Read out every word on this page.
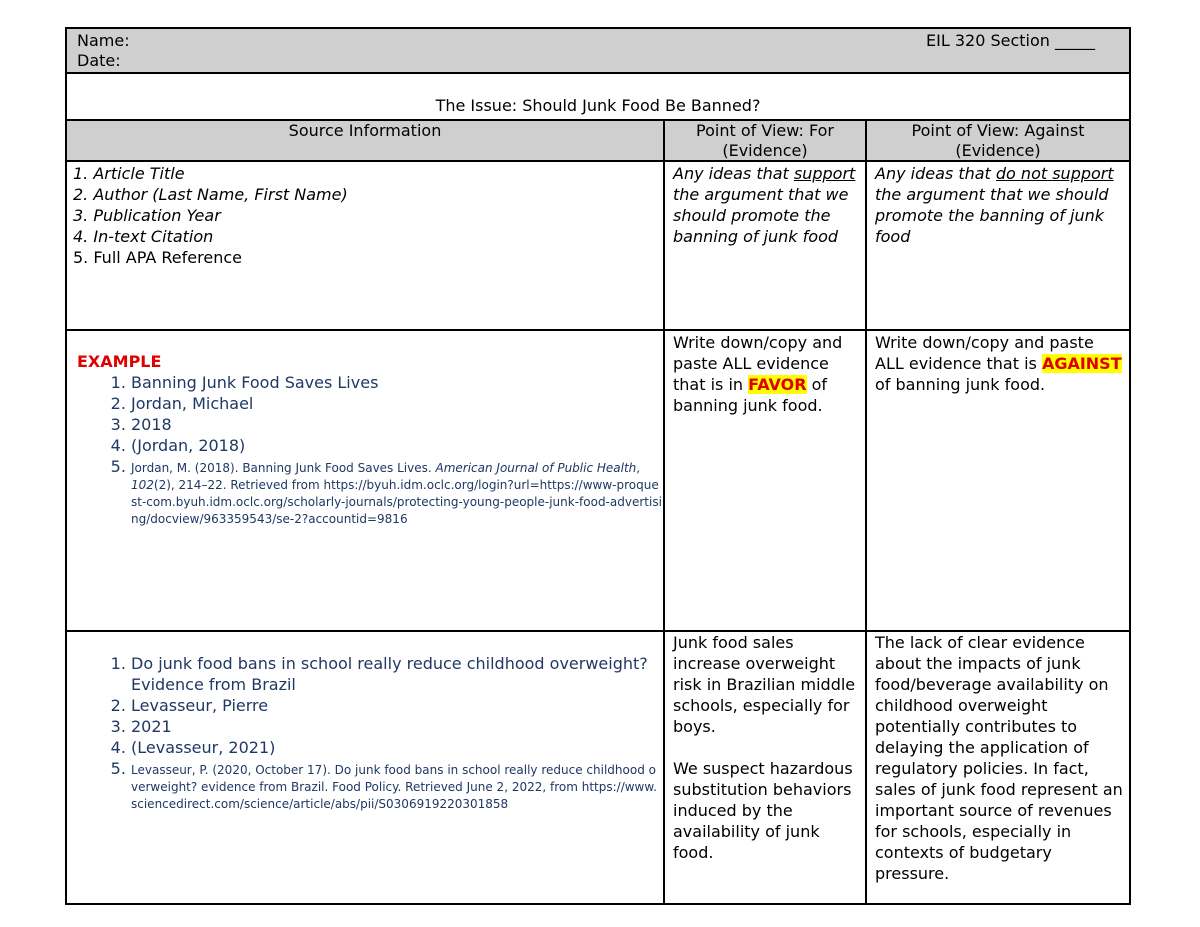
Name:
Date:
EIL 320 Section _____
The Issue: Should Junk Food Be Banned?
Source Information	Point of View: For
(Evidence)
Point of View: Against
(Evidence)
1. Article Title
2. Author (Last Name, First Name)
3. Publication Year
4. In-text Citation
5. Full APA Reference
Any ideas that support the argument that we should promote the banning of junk food
Any ideas that do not support the argument that we should promote the banning of junk food
EXAMPLE
1. Banning Junk Food Saves Lives
2. Jordan, Michael
3. 2018
4. (Jordan, 2018)
5. Jordan, M. (2018). Banning Junk Food Saves Lives. American Journal of Public Health, 102(2), 214–22. Retrieved from https://byuh.idm.oclc.org/login?url=https://www-proquest-com.byuh.idm.oclc.org/scholarly-journals/protecting-young-people-junk-food-advertising/docview/963359543/se-2?accountid=9816
Write down/copy and paste ALL evidence that is in FAVOR of banning junk food.
Write down/copy and paste ALL evidence that is AGAINST of banning junk food.
1. Do junk food bans in school really reduce childhood overweight? Evidence from Brazil
2. Levasseur, Pierre
3. 2021
4. (Levasseur, 2021)
5. Levasseur, P. (2020, October 17). Do junk food bans in school really reduce childhood overweight? evidence from Brazil. Food Policy. Retrieved June 2, 2022, from https://www.sciencedirect.com/science/article/abs/pii/S0306919220301858
Junk food sales increase overweight risk in Brazilian middle schools, especially for boys.
We suspect hazardous substitution behaviors induced by the availability of junk food.
The lack of clear evidence about the impacts of junk food/beverage availability on childhood overweight potentially contributes to delaying the application of regulatory policies. In fact, sales of junk food represent an important source of revenues for schools, especially in contexts of budgetary pressure.
